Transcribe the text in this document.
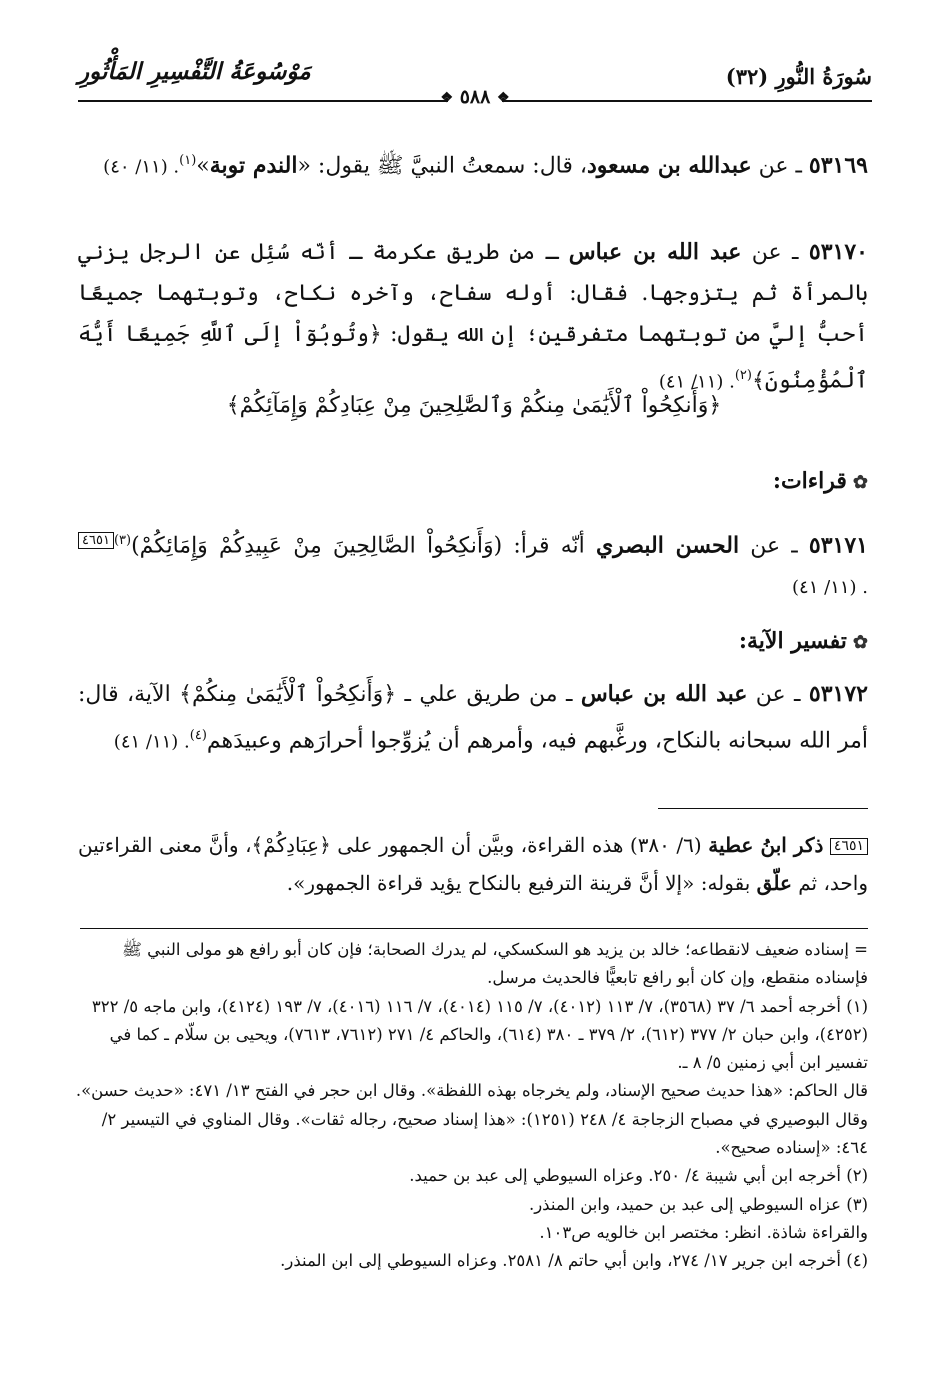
سُورَةُ النُّورِ (٣٢)
مَوْسُوعَةُ التَّفْسِيرِ المَأْثُورِ
❖ ٥٨٨ ❖
٥٣١٦٩ ـ عن عبدالله بن مسعود، قال: سمعتُ النبيَّ ﷺ يقول: «الندم توبة»$^{(١)}$. (١١/ ٤٠)
٥٣١٧٠ ـ عن عبد الله بن عباس ـ من طريق عكرمة ـ أنّه سُئِل عن الرجل يزني بالمرأة ثم يتزوجها. فقال: أوله سفاح، وآخره نكاح، وتوبتهما جميعًا أحبُّ إليَّ من توبتهما متفرقين؛ إن الله يقول: ﴿وتُوبُوٓاْ إلَى ٱللَّهِ جَمِيعًا أَيُّهَ ٱلْمُؤْمِنُونَ﴾$^{(٢)}$. (١١/ ٤١)
﴿وَأَنكِحُواْ ٱلْأَيَٰمَىٰ مِنكُمْ وَٱلصَّٰلِحِينَ مِنْ عِبَادِكُمْ وَإِمَآئِكُمْ﴾
✿قراءات:
٥٣١٧١ ـ عن الحسن البصري أنّه قرأ: (وَأَنكِحُواْ الصَّالِحِينَ مِنْ عَبِيدِكُمْ وَإِمَائِكُمْ)$^{(٣)}$٤٦٥١. (١١/ ٤١)
✿تفسير الآية:
٥٣١٧٢ ـ عن عبد الله بن عباس ـ من طريق علي ـ ﴿وَأَنكِحُواْ ٱلْأَيَٰمَىٰ مِنكُمْ﴾ الآية، قال: أمر الله سبحانه بالنكاح، ورغَّبهم فيه، وأمرهم أن يُزوِّجوا أحرارَهم وعبيدَهم$^{(٤)}$. (١١/ ٤١)
٤٦٥١ ذكر ابنُ عطية (٦/ ٣٨٠) هذه القراءة، وبيَّن أن الجمهور على ﴿عِبَادِكُمْ﴾، وأنَّ معنى القراءتين واحد، ثم علّق بقوله: «إلا أنَّ قرينة الترفيع بالنكاح يؤيد قراءة الجمهور».

= إسناده ضعيف لانقطاعه؛ خالد بن يزيد هو السكسكي، لم يدرك الصحابة؛ فإن كان أبو رافع هو مولى النبي ﷺ فإسناده منقطع، وإن كان أبو رافع تابعيًّا فالحديث مرسل.

(١) أخرجه أحمد ٦/ ٣٧ (٣٥٦٨)، ٧/ ١١٣ (٤٠١٢)، ٧/ ١١٥ (٤٠١٤)، ٧/ ١١٦ (٤٠١٦)، ٧/ ١٩٣ (٤١٢٤)، وابن ماجه ٥/ ٣٢٢ (٤٢٥٢)، وابن حبان ٢/ ٣٧٧ (٦١٢)، ٢/ ٣٧٩ ـ ٣٨٠ (٦١٤)، والحاكم ٤/ ٢٧١ (٧٦١٢، ٧٦١٣)، ويحيى بن سلّام ـ كما في تفسير ابن أبي زمنين ٥/ ٨ ـ.

قال الحاكم: «هذا حديث صحيح الإسناد، ولم يخرجاه بهذه اللفظة». وقال ابن حجر في الفتح ١٣/ ٤٧١: «حديث حسن». وقال البوصيري في مصباح الزجاجة ٤/ ٢٤٨ (١٢٥١): «هذا إسناد صحيح، رجاله ثقات». وقال المناوي في التيسير ٢/ ٤٦٤: «إسناده صحيح».

(٢) أخرجه ابن أبي شيبة ٤/ ٢٥٠. وعزاه السيوطي إلى عبد بن حميد.

(٣) عزاه السيوطي إلى عبد بن حميد، وابن المنذر.

والقراءة شاذة. انظر: مختصر ابن خالويه ص١٠٣.

(٤) أخرجه ابن جرير ١٧/ ٢٧٤، وابن أبي حاتم ٨/ ٢٥٨١. وعزاه السيوطي إلى ابن المنذر.
